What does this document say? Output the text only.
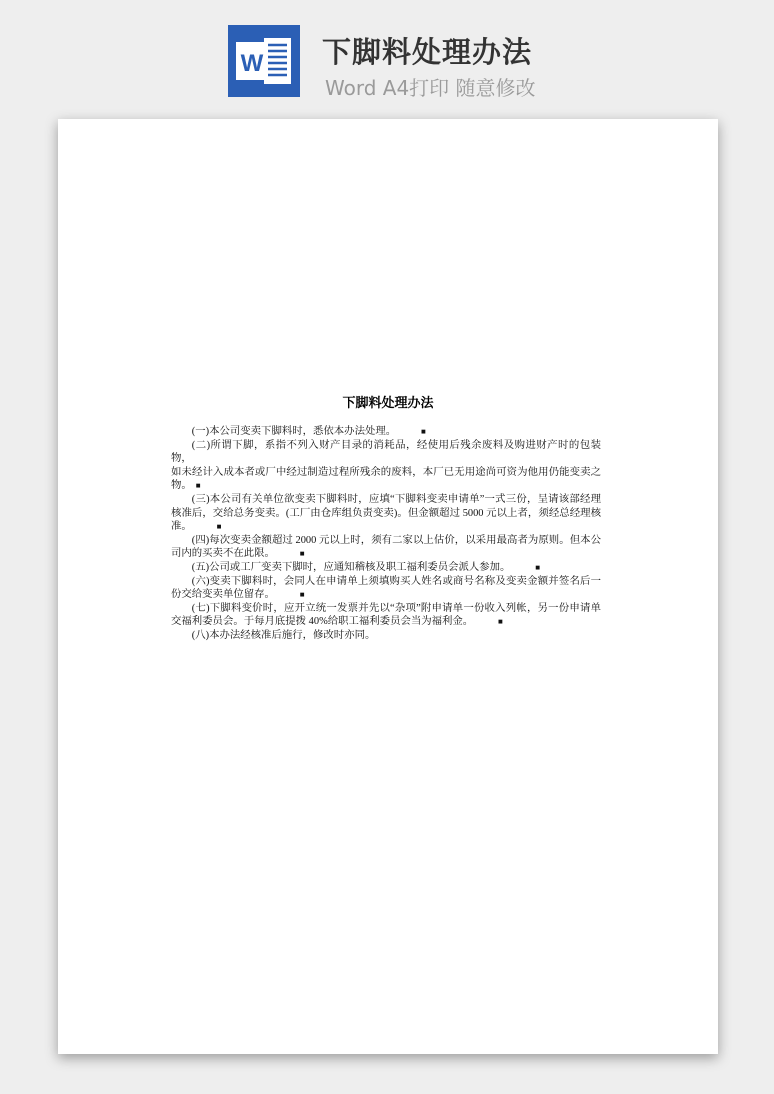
W 下脚料处理办法
Word A4打印 随意修改
下脚料处理办法

(一)本公司变卖下脚料时，悉依本办法处理。	■

(二)所谓下脚，系指不列入财产目录的消耗品，经使用后残余废料及购进财产时的包装物，

如未经计入成本者或厂中经过制造过程所残余的废料，本厂已无用途尚可资为他用仍能变卖之物。 ■

(三)本公司有关单位欲变卖下脚料时，应填“下脚料变卖申请单”一式三份，呈请该部经理核准后，交给总务变卖。(工厂由仓库组负责变卖)。但金额超过 5000 元以上者，须经总经理核准。	■

(四)每次变卖金额超过 2000 元以上时，须有二家以上估价，以采用最高者为原则。但本公司内的买卖不在此限。	■

(五)公司或工厂变卖下脚时，应通知稽核及职工福利委员会派人参加。	■

(六)变卖下脚料时，会同人在申请单上须填购买人姓名或商号名称及变卖金额并签名后一份交给变卖单位留存。	■

(七)下脚料变价时，应开立统一发票并先以“杂项”附申请单一份收入列帐，另一份申请单交福利委员会。于每月底提拨 40%给职工福利委员会当为福利金。	■

(八)本办法经核准后施行，修改时亦同。
